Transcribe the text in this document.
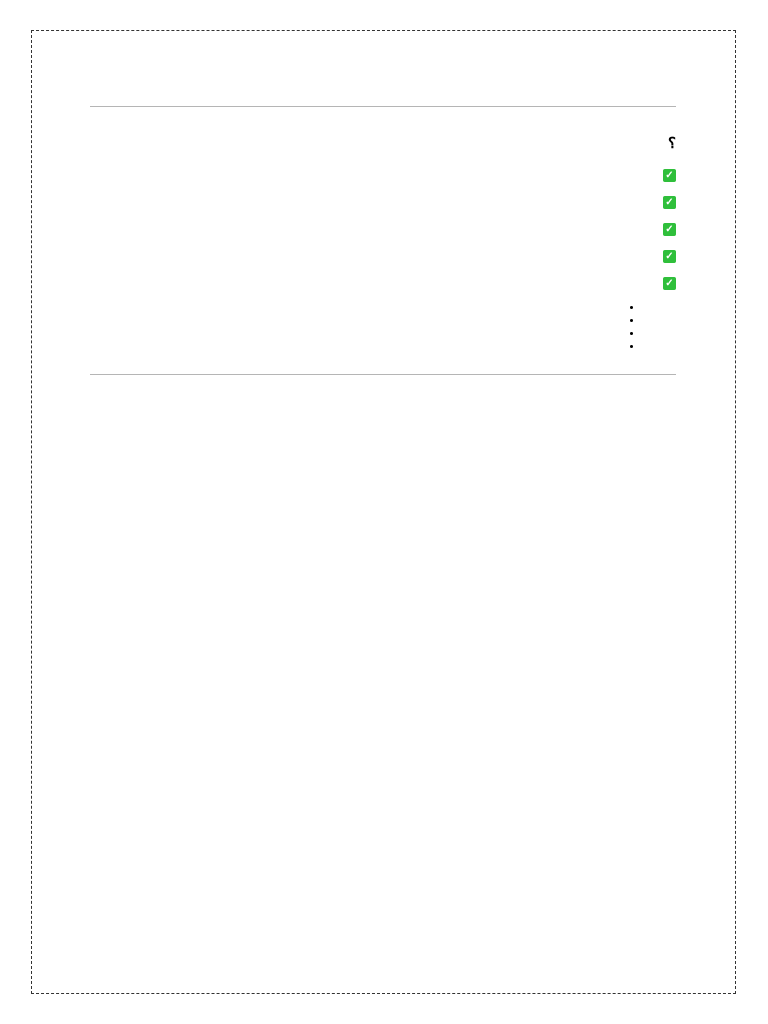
؟
✓

✓

✓

✓

✓

•
•
•
•
